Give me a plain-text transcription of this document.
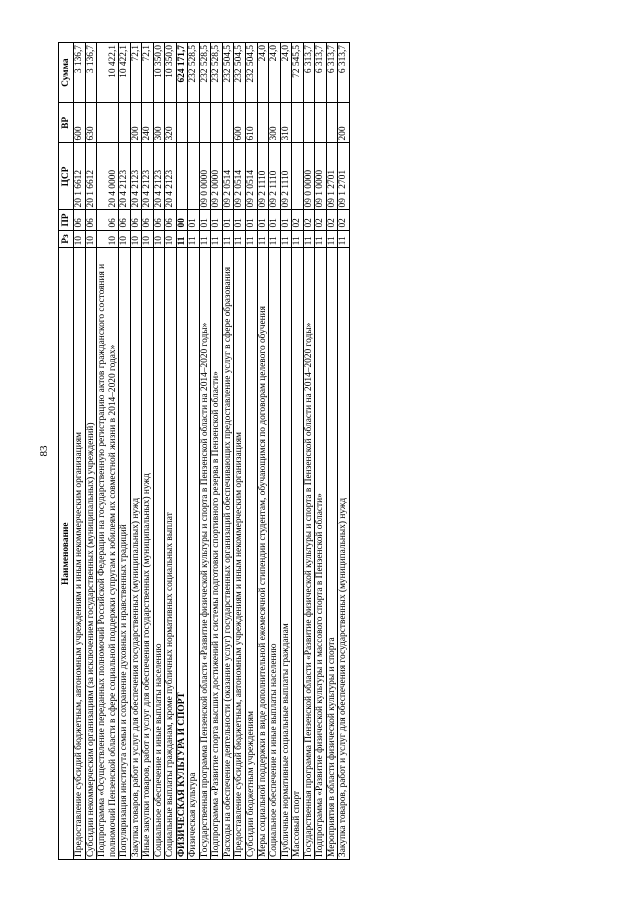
83
Наименование	Рз	ПР	ЦСР	ВР	Сумма
Предоставление субсидий бюджетным, автономным учреждениям и иным некоммерческим организациям	10	06	20 1 6612	600	3 136,7
Субсидии некоммерческим организациям (за исключением государственных (муниципальных) учреждений)	10	06	20 1 6612	630	3 136,7
Подпрограмма «Осуществление переданных полномочий Российской Федерации на государственную регистрацию актов гражданского состояния и полномочий Пензенской области в сфере социальной поддержки супругам к юбилеям их совместной жизни в 2014–2020 годах»	10	06	20 4 0000		10 422,1
Популяризация института семьи и сохранение духовных и нравственных традиций	10	06	20 4 2123		10 422,1
Закупка товаров, работ и услуг для обеспечения государственных (муниципальных) нужд	10	06	20 4 2123	200	72,1
Иные закупки товаров, работ и услуг для обеспечения государственных (муниципальных) нужд	10	06	20 4 2123	240	72,1
Социальное обеспечение и иные выплаты населению	10	06	20 4 2123	300	10 350,0
Социальные выплаты гражданам, кроме публичных нормативных социальных выплат	10	06	20 4 2123	320	10 350,0
ФИЗИЧЕСКАЯ КУЛЬТУРА И СПОРТ	11	00			624 171,7
Физическая культура	11	01			232 528,5
Государственная программа Пензенской области «Развитие физической культуры и спорта в Пензенской области на 2014–2020 годы»	11	01	09 0 0000		232 528,5
Подпрограмма «Развитие спорта высших достижений и системы подготовки спортивного резерва в Пензенской области»	11	01	09 2 0000		232 528,5
Расходы на обеспечение деятельности (оказание услуг) государственных организаций обеспечивающих предоставление услуг в сфере образования	11	01	09 2 0514		232 504,5
Предоставление субсидий бюджетным, автономным учреждениям и иным некоммерческим организациям	11	01	09 2 0514	600	232 504,5
Субсидии бюджетным учреждениям	11	01	09 2 0514	610	232 504,5
Меры социальной поддержки в виде дополнительной ежемесячной стипендии студентам, обучающимся по договорам целевого обучения	11	01	09 2 1110		24,0
Социальное обеспечение и иные выплаты населению	11	01	09 2 1110	300	24,0
Публичные нормативные социальные выплаты гражданам	11	01	09 2 1110	310	24,0
Массовый спорт	11	02			72 545,5
Государственная программа Пензенской области «Развитие физической культуры и спорта в Пензенской области на 2014–2020 годы»	11	02	09 0 0000		6 313,7
Подпрограмма «Развитие физической культуры и массового спорта в Пензенской области»	11	02	09 1 0000		6 313,7
Мероприятия в области физической культуры и спорта	11	02	09 1 2701		6 313,7
Закупка товаров, работ и услуг для обеспечения государственных (муниципальных) нужд	11	02	09 1 2701	200	6 313,7
